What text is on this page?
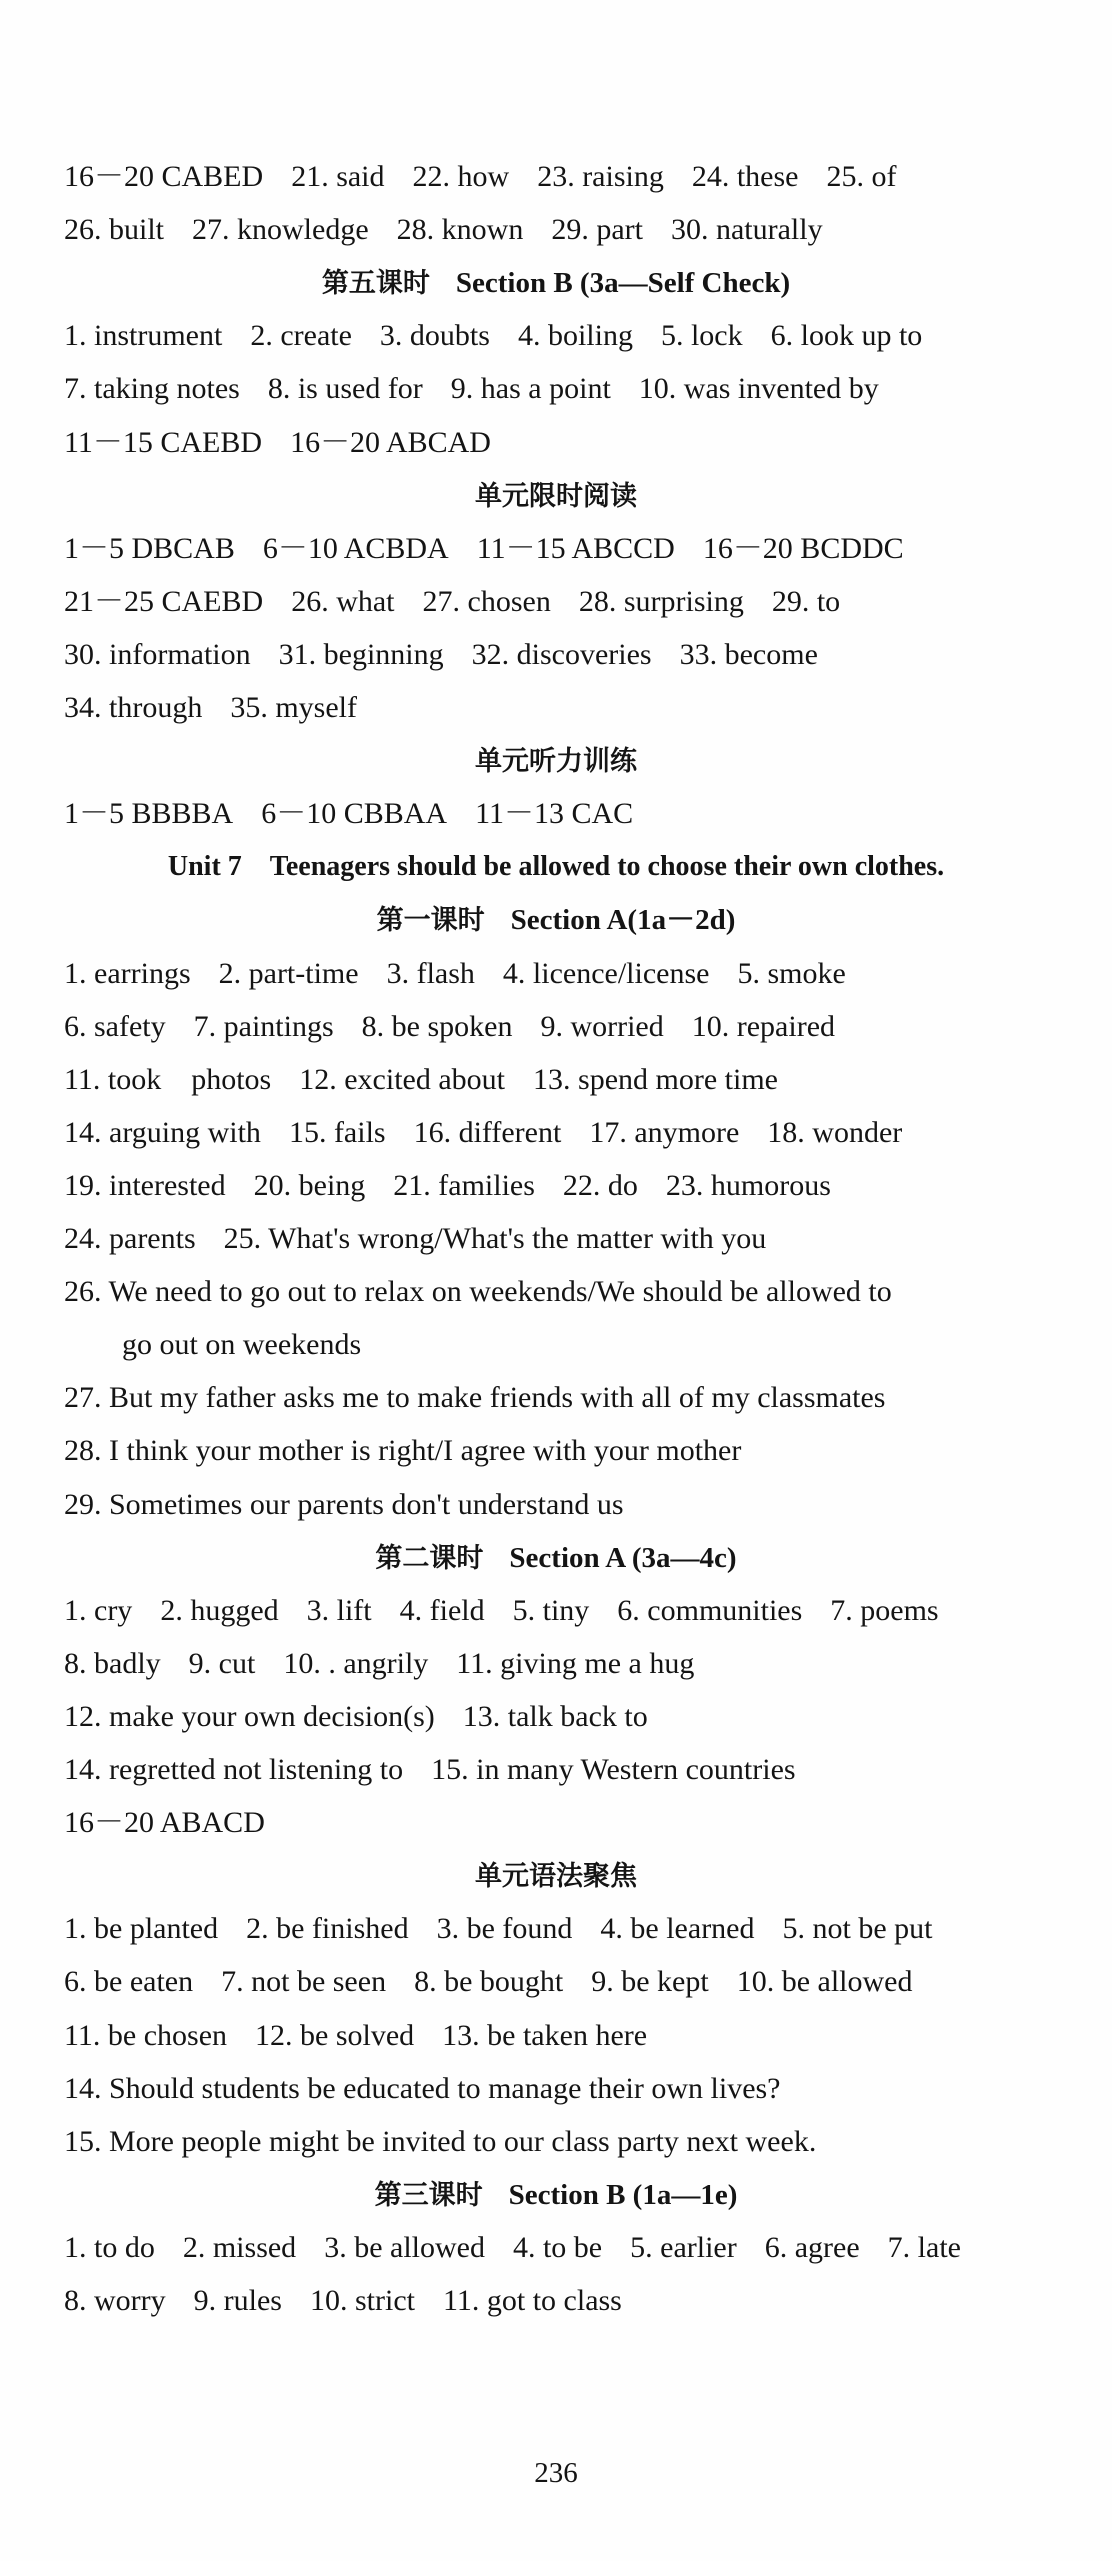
236
16－20 CABED 21. said 22. how 23. raising 24. these 25. of
26. built 27. knowledge 28. known 29. part 30. naturally
第五课时 Section B (3a—Self Check)
1. instrument 2. create 3. doubts 4. boiling 5. lock 6. look up to
7. taking notes 8. is used for 9. has a point 10. was invented by
11－15 CAEBD 16－20 ABCAD
单元限时阅读
1－5 DBCAB 6－10 ACBDA 11－15 ABCCD 16－20 BCDDC
21－25 CAEBD 26. what 27. chosen 28. surprising 29. to
30. information 31. beginning 32. discoveries 33. become
34. through 35. myself
单元听力训练
1－5 BBBBA 6－10 CBBAA 11－13 CAC
Unit 7　Teenagers should be allowed to choose their own clothes.
第一课时 Section A(1a－2d)
1. earrings 2. part-time 3. flash 4. licence/license 5. smoke
6. safety 7. paintings 8. be spoken 9. worried 10. repaired
11. took　photos 12. excited about 13. spend more time
14. arguing with 15. fails 16. different 17. anymore 18. wonder
19. interested 20. being 21. families 22. do 23. humorous
24. parents 25. What's wrong/What's the matter with you
26. We need to go out to relax on weekends/We should be allowed to
go out on weekends
27. But my father asks me to make friends with all of my classmates
28. I think your mother is right/I agree with your mother
29. Sometimes our parents don't understand us
第二课时 Section A (3a—4c)
1. cry 2. hugged 3. lift 4. field 5. tiny 6. communities 7. poems
8. badly 9. cut 10. . angrily 11. giving me a hug
12. make your own decision(s) 13. talk back to
14. regretted not listening to 15. in many Western countries
16－20 ABACD
单元语法聚焦
1. be planted 2. be finished 3. be found 4. be learned 5. not be put
6. be eaten 7. not be seen 8. be bought 9. be kept 10. be allowed
11. be chosen 12. be solved 13. be taken here
14. Should students be educated to manage their own lives?
15. More people might be invited to our class party next week.
第三课时 Section B (1a—1e)
1. to do 2. missed 3. be allowed 4. to be 5. earlier 6. agree 7. late
8. worry 9. rules 10. strict 11. got to class
